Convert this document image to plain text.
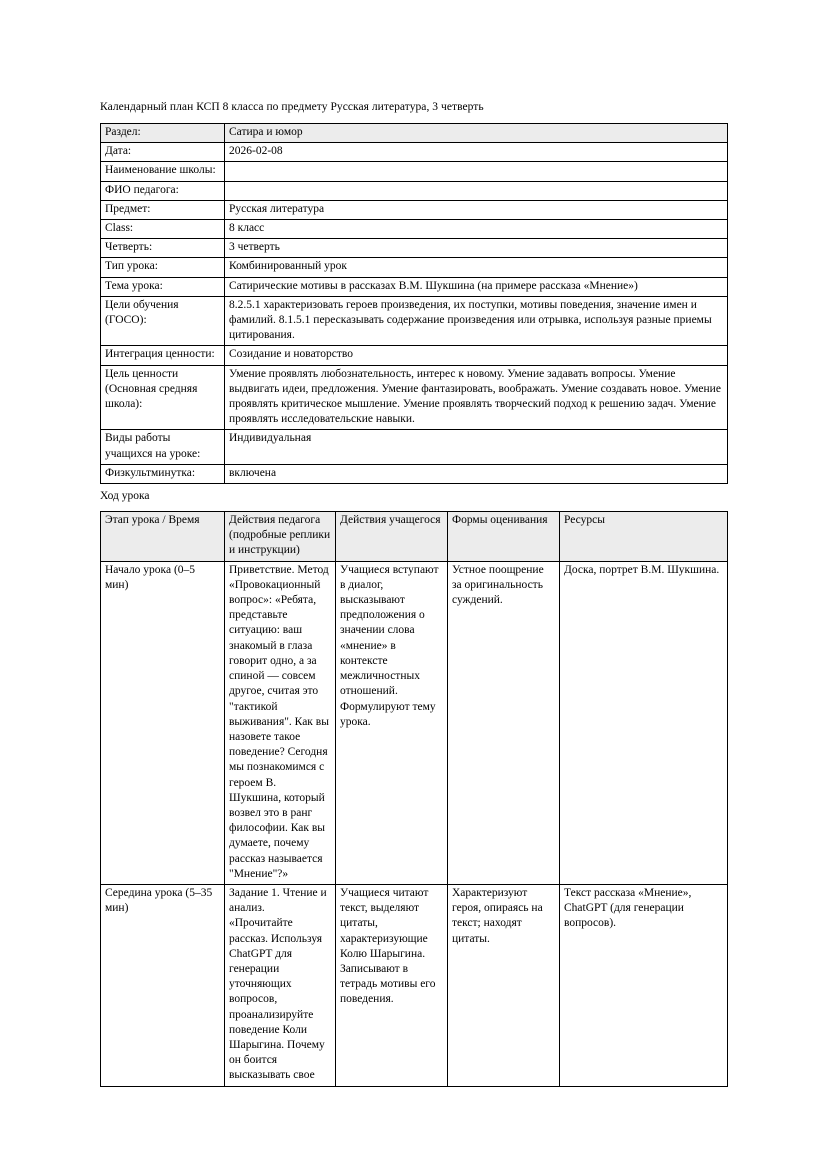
Календарный план КСП 8 класса по предмету Русская литература, 3 четверть

Раздел:	Сатира и юмор
Дата:	2026-02-08
Наименование школы:	
ФИО педагога:	
Предмет:	Русская литература
Class:	8 класс
Четверть:	3 четверть
Тип урока:	Комбинированный урок
Тема урока:	Сатирические мотивы в рассказах В.М. Шукшина (на примере рассказа «Мнение»)
Цели обучения (ГОСО):	8.2.5.1 характеризовать героев произведения, их поступки, мотивы поведения, значение имен и фамилий. 8.1.5.1 пересказывать содержание произведения или отрывка, используя разные приемы цитирования.
Интеграция ценности:	Созидание и новаторство
Цель ценности (Основная средняя школа):	Умение проявлять любознательность, интерес к новому. Умение задавать вопросы. Умение выдвигать идеи, предложения. Умение фантазировать, воображать. Умение создавать новое. Умение проявлять критическое мышление. Умение проявлять творческий подход к решению задач. Умение проявлять исследовательские навыки.
Виды работы учащихся на уроке:	Индивидуальная
Физкультминутка:	включена

Ход урока

Этап урока / Время	Действия педагога (подробные реплики и инструкции)	Действия учащегося	Формы оценивания	Ресурсы
Начало урока (0–5 мин)	Приветствие. Метод «Провокационный вопрос»: «Ребята, представьте ситуацию: ваш знакомый в глаза говорит одно, а за спиной — совсем другое, считая это "тактикой выживания". Как вы назовете такое поведение? Сегодня мы познакомимся с героем В. Шукшина, который возвел это в ранг философии. Как вы думаете, почему рассказ называется "Мнение"?»	Учащиеся вступают в диалог, высказывают предположения о значении слова «мнение» в контексте межличностных отношений. Формулируют тему урока.	Устное поощрение за оригинальность суждений.	Доска, портрет В.М. Шукшина.
Середина урока (5–35 мин)	Задание 1. Чтение и анализ. «Прочитайте рассказ. Используя ChatGPT для генерации уточняющих вопросов, проанализируйте поведение Коли Шарыгина. Почему он боится высказывать свое	Учащиеся читают текст, выделяют цитаты, характеризующие Колю Шарыгина. Записывают в тетрадь мотивы его поведения.	Характеризуют героя, опираясь на текст; находят цитаты.	Текст рассказа «Мнение», ChatGPT (для генерации вопросов).
